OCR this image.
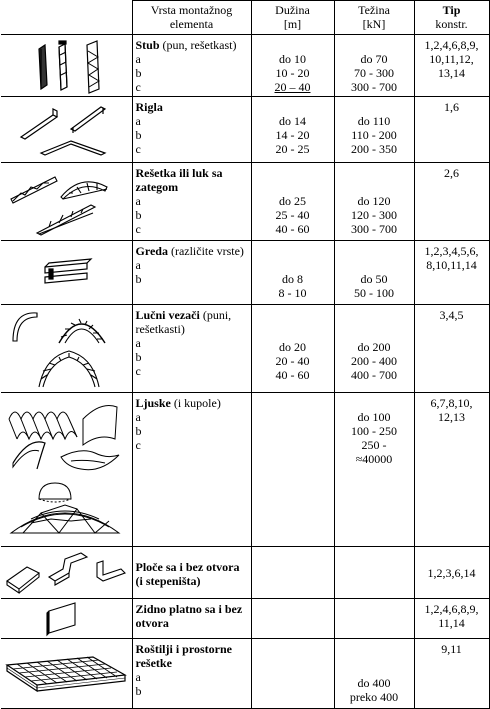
	Vrsta montažnog
elementa	Dužina
[m]	Težina
[kN]	Tip
konstr.

	Stub (pun, rešetkast)
a
b
c	do 10
10 - 20
20 – 40	do 70
70 - 300
300 - 700	1,2,4,6,8,9,
10,11,12,
13,14

	Rigla
a
b
c	do 14
14 - 20
20 - 25	do 110
110 - 200
200 - 350	1,6

	Rešetka ili luk sa zategom
a
b
c	do 25
25 - 40
40 - 60	do 120
120 - 300
300 - 700	2,6

	Greda (različite vrste)
a
b	do 8
8 - 10	do 50
50 - 100	1,2,3,4,5,6,
8,10,11,14

	Lučni vezači (puni, rešetkasti)
a
b
c	do 20
20 - 40
40 - 60	do 200
200 - 400
400 - 700	3,4,5

	Ljuske (i kupole)
a
b
c		do 100
100 - 250
250 -
≈40000	6,7,8,10,
12,13

	Ploče sa i bez otvora (i stepeništa)			1,2,3,6,14

	Zidno platno sa i bez otvora			1,2,4,6,8,9,
11,14

	Roštilji i prostorne rešetke
a
b		do 400
preko 400	9,11
